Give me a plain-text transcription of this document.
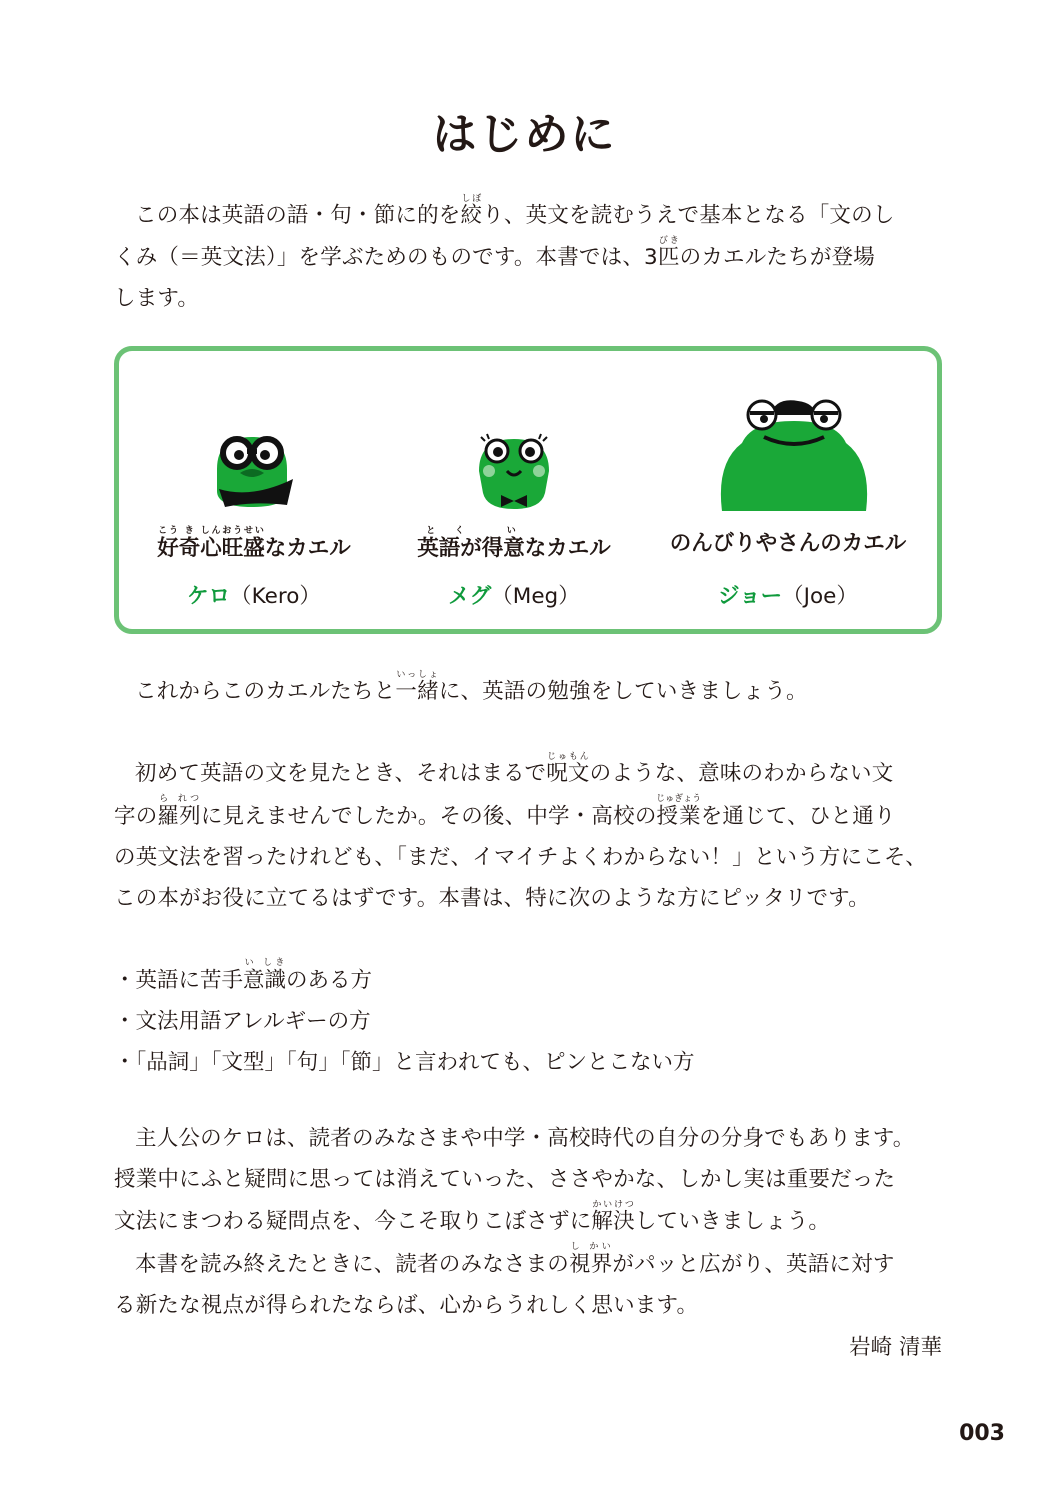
はじめに
この本は英語の語・句・節に的を絞しぼり、英文を読むうえで基本となる「文のし
くみ（＝英文法）」を学ぶためのものです。本書では、3匹びきのカエルたちが登場
します。
好奇心旺盛こう き しんおうせいなカエル
ケロ（Kero）
英語が得意とく いなカエル
メグ（Meg）
のんびりやさんのカエル
ジョー（Joe）
これからこのカエルたちと一緒いっしょに、英語の勉強をしていきましょう。
初めて英語の文を見たとき、それはまるで呪文じゅもんのような、意味のわからない文
字の羅列ら れつに見えませんでしたか。その後、中学・高校の授業じゅぎょうを通じて、ひと通り
の英文法を習ったけれども、「まだ、イマイチよくわからない！」という方にこそ、
この本がお役に立てるはずです。本書は、特に次のような方にピッタリです。
・英語に苦手意識い しきのある方
・文法用語アレルギーの方
・「品詞」「文型」「句」「節」と言われても、ピンとこない方
主人公のケロは、読者のみなさまや中学・高校時代の自分の分身でもあります。
授業中にふと疑問に思っては消えていった、ささやかな、しかし実は重要だった
文法にまつわる疑問点を、今こそ取りこぼさずに解決かいけつしていきましょう。
本書を読み終えたときに、読者のみなさまの視界し かいがパッと広がり、英語に対す
る新たな視点が得られたならば、心からうれしく思います。
岩崎 清華
003
